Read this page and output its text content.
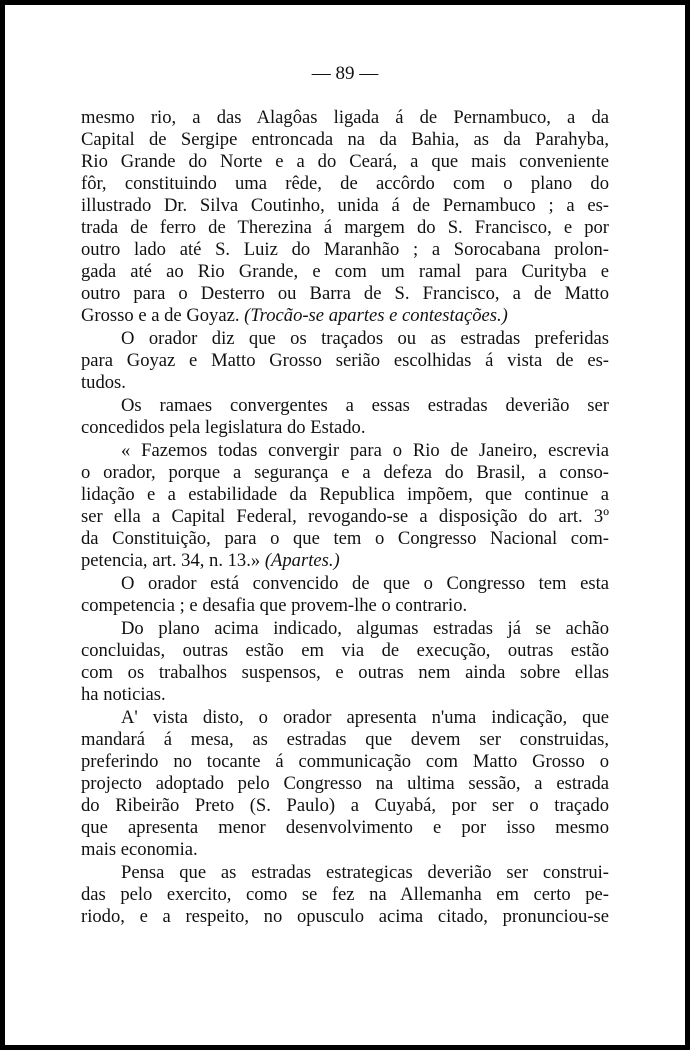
— 89 —
mesmo rio, a das Alagôas ligada á de Pernambuco, a da
Capital de Sergipe entroncada na da Bahia, as da Parahyba,
Rio Grande do Norte e a do Ceará, a que mais conveniente
fôr, constituindo uma rêde, de accôrdo com o plano do
illustrado Dr. Silva Coutinho, unida á de Pernambuco ; a es-
trada de ferro de Therezina á margem do S. Francisco, e por
outro lado até S. Luiz do Maranhão ; a Sorocabana prolon-
gada até ao Rio Grande, e com um ramal para Curityba e
outro para o Desterro ou Barra de S. Francisco, a de Matto
Grosso e a de Goyaz. (Trocão-se apartes e contestações.)
O orador diz que os traçados ou as estradas preferidas
para Goyaz e Matto Grosso serião escolhidas á vista de es-
tudos.
Os ramaes convergentes a essas estradas deverião ser
concedidos pela legislatura do Estado.
« Fazemos todas convergir para o Rio de Janeiro, escrevia
o orador, porque a segurança e a defeza do Brasil, a conso-
lidação e a estabilidade da Republica impõem, que continue a
ser ella a Capital Federal, revogando-se a disposição do art. 3º
da Constituição, para o que tem o Congresso Nacional com-
petencia, art. 34, n. 13.» (Apartes.)
O orador está convencido de que o Congresso tem esta
competencia ; e desafia que provem-lhe o contrario.
Do plano acima indicado, algumas estradas já se achão
concluidas, outras estão em via de execução, outras estão
com os trabalhos suspensos, e outras nem ainda sobre ellas
ha noticias.
A' vista disto, o orador apresenta n'uma indicação, que
mandará á mesa, as estradas que devem ser construidas,
preferindo no tocante á communicação com Matto Grosso o
projecto adoptado pelo Congresso na ultima sessão, a estrada
do Ribeirão Preto (S. Paulo) a Cuyabá, por ser o traçado
que apresenta menor desenvolvimento e por isso mesmo
mais economia.
Pensa que as estradas estrategicas deverião ser construi-
das pelo exercito, como se fez na Allemanha em certo pe-
riodo, e a respeito, no opusculo acima citado, pronunciou-se
